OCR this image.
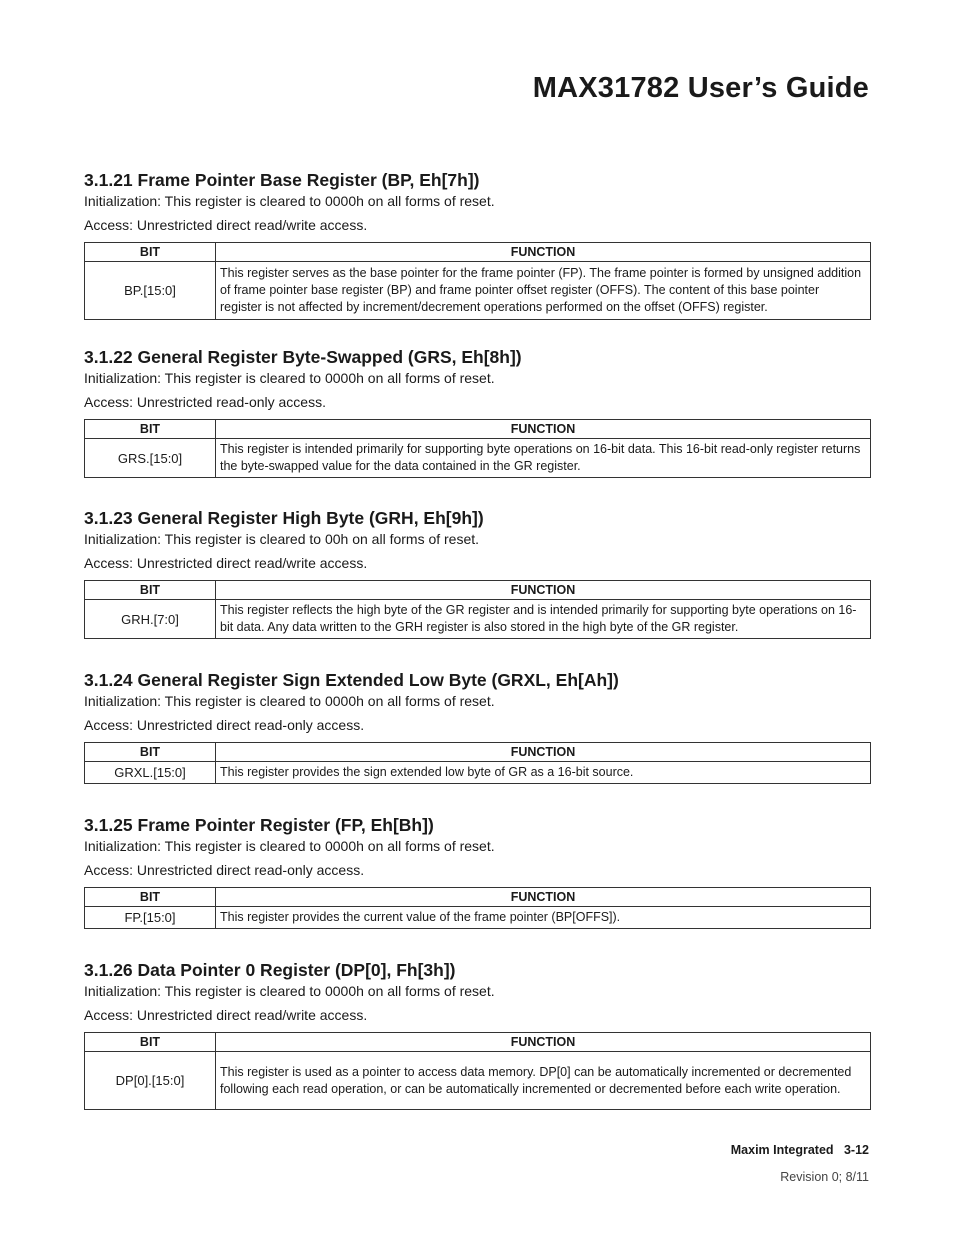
MAX31782 User’s Guide
3.1.21 Frame Pointer Base Register (BP, Eh[7h])

Initialization: This register is cleared to 0000h on all forms of reset.

Access: Unrestricted direct read/write access.

BIT	FUNCTION
BP.[15:0]	This register serves as the base pointer for the frame pointer (FP). The frame pointer is formed by unsigned addition of frame pointer base register (BP) and frame pointer offset register (OFFS). The content of this base pointer register is not affected by increment/decrement operations performed on the offset (OFFS) register.
3.1.22 General Register Byte-Swapped (GRS, Eh[8h])

Initialization: This register is cleared to 0000h on all forms of reset.

Access: Unrestricted read-only access.

BIT	FUNCTION
GRS.[15:0]	This register is intended primarily for supporting byte operations on 16-bit data. This 16-bit read-only register returns the byte-swapped value for the data contained in the GR register.
3.1.23 General Register High Byte (GRH, Eh[9h])

Initialization: This register is cleared to 00h on all forms of reset.

Access: Unrestricted direct read/write access.

BIT	FUNCTION
GRH.[7:0]	This register reflects the high byte of the GR register and is intended primarily for supporting byte operations on 16-bit data. Any data written to the GRH register is also stored in the high byte of the GR register.
3.1.24 General Register Sign Extended Low Byte (GRXL, Eh[Ah])

Initialization: This register is cleared to 0000h on all forms of reset.

Access: Unrestricted direct read-only access.

BIT	FUNCTION
GRXL.[15:0]	This register provides the sign extended low byte of GR as a 16-bit source.
3.1.25 Frame Pointer Register (FP, Eh[Bh])

Initialization: This register is cleared to 0000h on all forms of reset.

Access: Unrestricted direct read-only access.

BIT	FUNCTION
FP.[15:0]	This register provides the current value of the frame pointer (BP[OFFS]).
3.1.26 Data Pointer 0 Register (DP[0], Fh[3h])

Initialization: This register is cleared to 0000h on all forms of reset.

Access: Unrestricted direct read/write access.

BIT	FUNCTION
DP[0].[15:0]	This register is used as a pointer to access data memory. DP[0] can be automatically incremented or decremented following each read operation, or can be automatically incremented or decremented before each write operation.
Maxim Integrated   3-12
Revision 0; 8/11
